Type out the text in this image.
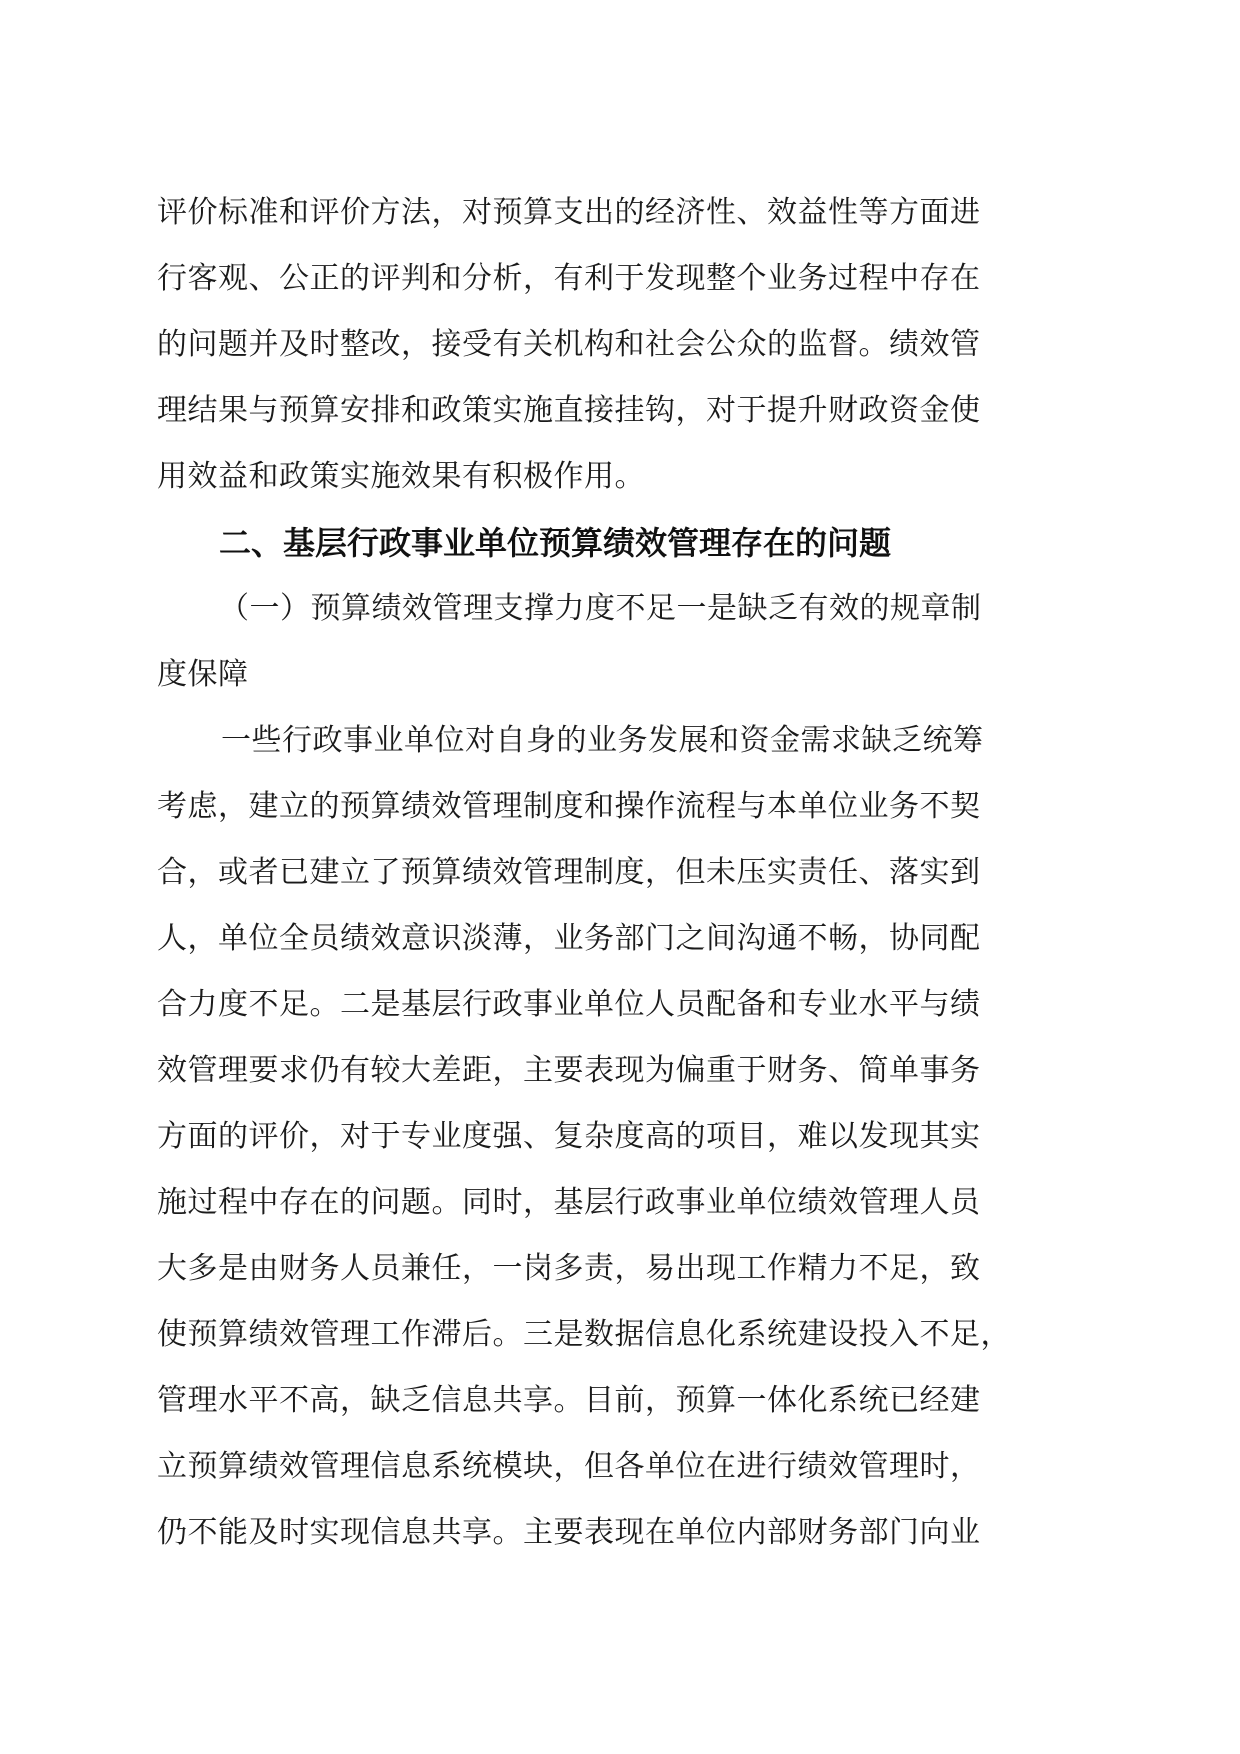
评价标准和评价方法，对预算支出的经济性、效益性等方面进
行客观、公正的评判和分析，有利于发现整个业务过程中存在
的问题并及时整改，接受有关机构和社会公众的监督。绩效管
理结果与预算安排和政策实施直接挂钩，对于提升财政资金使
用效益和政策实施效果有积极作用。
二、基层行政事业单位预算绩效管理存在的问题
（一）预算绩效管理支撑力度不足一是缺乏有效的规章制
度保障
一些行政事业单位对自身的业务发展和资金需求缺乏统筹
考虑，建立的预算绩效管理制度和操作流程与本单位业务不契
合，或者已建立了预算绩效管理制度，但未压实责任、落实到
人，单位全员绩效意识淡薄，业务部门之间沟通不畅，协同配
合力度不足。二是基层行政事业单位人员配备和专业水平与绩
效管理要求仍有较大差距，主要表现为偏重于财务、简单事务
方面的评价，对于专业度强、复杂度高的项目，难以发现其实
施过程中存在的问题。同时，基层行政事业单位绩效管理人员
大多是由财务人员兼任，一岗多责，易出现工作精力不足，致
使预算绩效管理工作滞后。三是数据信息化系统建设投入不足，
管理水平不高，缺乏信息共享。目前，预算一体化系统已经建
立预算绩效管理信息系统模块，但各单位在进行绩效管理时，
仍不能及时实现信息共享。主要表现在单位内部财务部门向业
